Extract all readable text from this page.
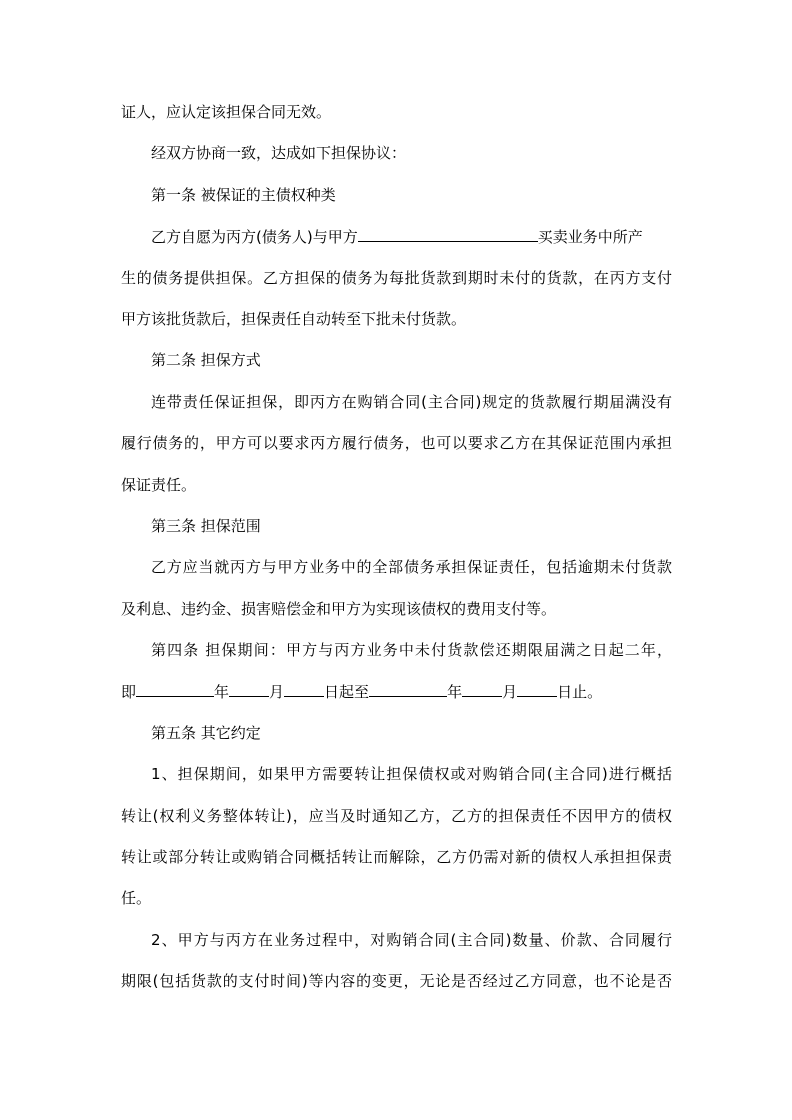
证人，应认定该担保合同无效。
经双方协商一致，达成如下担保协议：
第一条 被保证的主债权种类
乙方自愿为丙方(债务人)与甲方	买卖业务中所产
生的债务提供担保。乙方担保的债务为每批货款到期时未付的货款，在丙方支付
甲方该批货款后，担保责任自动转至下批未付货款。
第二条 担保方式
连带责任保证担保，即丙方在购销合同(主合同)规定的货款履行期届满没有
履行债务的，甲方可以要求丙方履行债务，也可以要求乙方在其保证范围内承担
保证责任。
第三条 担保范围
乙方应当就丙方与甲方业务中的全部债务承担保证责任，包括逾期未付货款
及利息、违约金、损害赔偿金和甲方为实现该债权的费用支付等。
第四条 担保期间：甲方与丙方业务中未付货款偿还期限届满之日起二年，
即	年	月	日起至	年	月	日止。
第五条 其它约定
1、担保期间，如果甲方需要转让担保债权或对购销合同(主合同)进行概括
转让(权利义务整体转让)，应当及时通知乙方，乙方的担保责任不因甲方的债权
转让或部分转让或购销合同概括转让而解除，乙方仍需对新的债权人承担担保责
任。
2、甲方与丙方在业务过程中，对购销合同(主合同)数量、价款、合同履行
期限(包括货款的支付时间)等内容的变更，无论是否经过乙方同意，也不论是否
